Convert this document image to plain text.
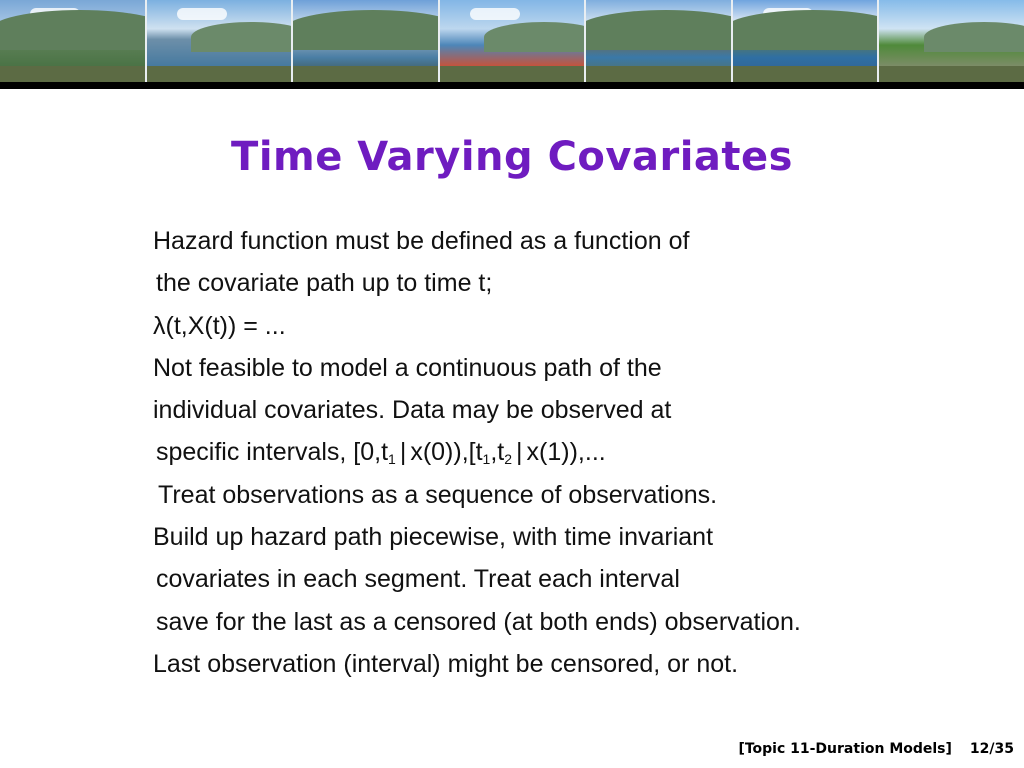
Time Varying Covariates
Hazard function must be defined as a function of
the covariate path up to time t;
λ(t,X(t)) = ...
Not feasible to model a continuous path of the
individual covariates. Data may be observed at
specific intervals, [$0,t_1$ | $x(0)),[t_1,t_2$ | x(1)),...
Treat observations as a sequence of observations.
Build up hazard path piecewise, with time invariant
covariates in each segment. Treat each interval
save for the last as a censored (at both ends) observation.
Last observation (interval) might be censored, or not.
[Topic 11-Duration Models] 12/35
